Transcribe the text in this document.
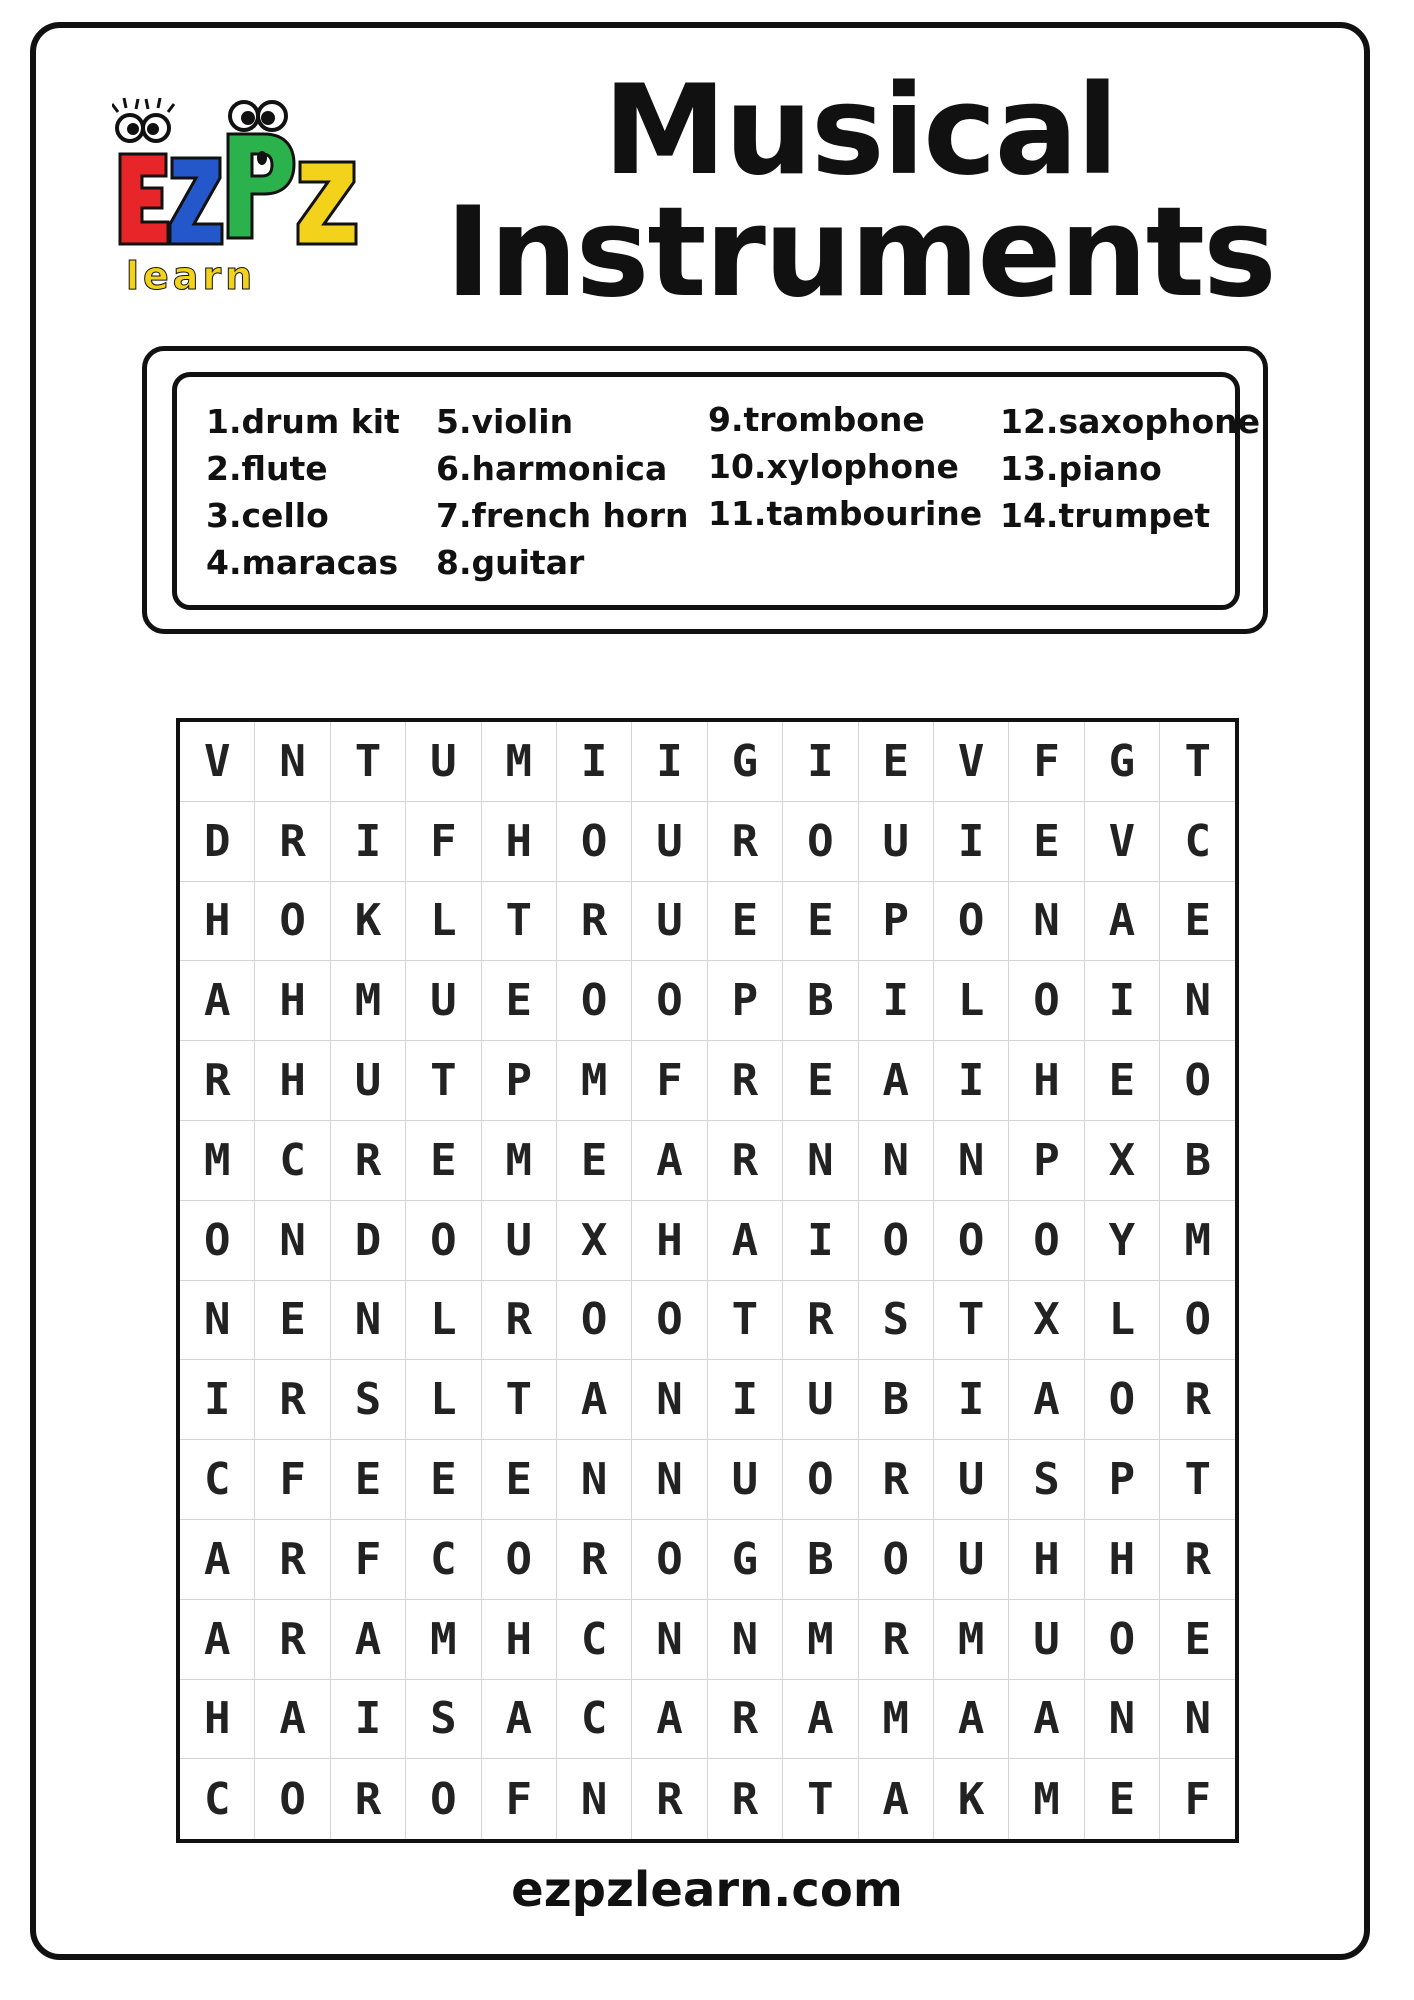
learn
Musical
Instruments
1.drum kit
2.flute
3.cello
4.maracas
5.violin
6.harmonica
7.french horn
8.guitar
9.trombone
10.xylophone
11.tambourine
12.saxophone
13.piano
14.trumpet
V	N	T	U	M	I	I	G	I	E	V	F	G	T
D	R	I	F	H	O	U	R	O	U	I	E	V	C
H	O	K	L	T	R	U	E	E	P	O	N	A	E
A	H	M	U	E	O	O	P	B	I	L	O	I	N
R	H	U	T	P	M	F	R	E	A	I	H	E	O
M	C	R	E	M	E	A	R	N	N	N	P	X	B
O	N	D	O	U	X	H	A	I	O	O	O	Y	M
N	E	N	L	R	O	O	T	R	S	T	X	L	O
I	R	S	L	T	A	N	I	U	B	I	A	O	R
C	F	E	E	E	N	N	U	O	R	U	S	P	T
A	R	F	C	O	R	O	G	B	O	U	H	H	R
A	R	A	M	H	C	N	N	M	R	M	U	O	E
H	A	I	S	A	C	A	R	A	M	A	A	N	N
C	O	R	O	F	N	R	R	T	A	K	M	E	F
ezpzlearn.com
